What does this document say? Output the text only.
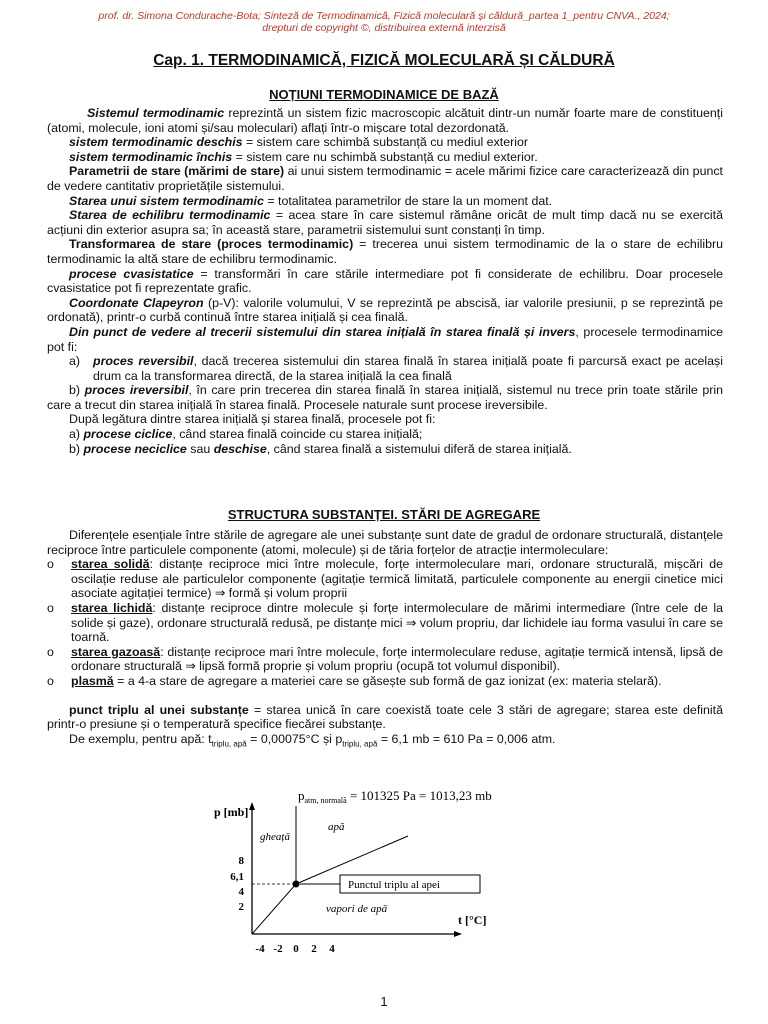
prof. dr. Simona Condurache-Bota; Sinteză de Termodinamică, Fizică moleculară și căldură_partea 1_pentru CNVA., 2024;
drepturi de copyright ©, distribuirea externă interzisă
Cap. 1. TERMODINAMICĂ, FIZICĂ MOLECULARĂ ȘI CĂLDURĂ
NOȚIUNI TERMODINAMICE DE BAZĂ

Sistemul termodinamic reprezintă un sistem fizic macroscopic alcătuit dintr-un număr foarte mare de constituenți (atomi, molecule, ioni atomi și/sau moleculari) aflați într-o mișcare total dezordonată.

sistem termodinamic deschis = sistem care schimbă substanță cu mediul exterior

sistem termodinamic închis = sistem care nu schimbă substanță cu mediul exterior.

Parametrii de stare (mărimi de stare) ai unui sistem termodinamic = acele mărimi fizice care caracterizează din punct de vedere cantitativ proprietățile sistemului.

Starea unui sistem termodinamic = totalitatea parametrilor de stare la un moment dat.

Starea de echilibru termodinamic = acea stare în care sistemul rămâne oricât de mult timp dacă nu se exercită acțiuni din exterior asupra sa; în această stare, parametrii sistemului sunt constanți în timp.

Transformarea de stare (proces termodinamic) = trecerea unui sistem termodinamic de la o stare de echilibru termodinamic la altă stare de echilibru termodinamic.

procese cvasistatice = transformări în care stările intermediare pot fi considerate de echilibru. Doar procesele cvasistatice pot fi reprezentate grafic.

Coordonate Clapeyron (p-V): valorile volumului, V se reprezintă pe abscisă, iar valorile presiunii, p se reprezintă pe ordonată), printr-o curbă continuă între starea inițială și cea finală.

Din punct de vedere al trecerii sistemului din starea inițială în starea finală și invers, procesele termodinamice pot fi:

a)	proces reversibil, dacă trecerea sistemului din starea finală în starea inițială poate fi parcursă exact pe același drum ca la transformarea directă, de la starea inițială la cea finală

b) proces ireversibil, în care prin trecerea din starea finală în starea inițială, sistemul nu trece prin toate stările prin care a trecut din starea inițială în starea finală. Procesele naturale sunt procese ireversibile.

După legătura dintre starea inițială și starea finală, procesele pot fi:

a) procese ciclice, când starea finală coincide cu starea inițială;

b) procese neciclice sau deschise, când starea finală a sistemului diferă de starea inițială.

STRUCTURA SUBSTANȚEI. STĂRI DE AGREGARE

Diferențele esențiale între stările de agregare ale unei substanțe sunt date de gradul de ordonare structurală, distanțele reciproce între particulele componente (atomi, molecule) și de tăria forțelor de atracție intermoleculare:

o	starea solidă: distanțe reciproce mici între molecule, forțe intermoleculare mari, ordonare structurală, mișcări de oscilație reduse ale particulelor componente (agitație termică limitată, particulele componente au energii cinetice mici asociate agitației termice) ⇒ formă și volum proprii
o	starea lichidă: distanțe reciproce dintre molecule și forțe intermoleculare de mărimi intermediare (între cele de la solide și gaze), ordonare structurală redusă, pe distanțe mici ⇒ volum propriu, dar lichidele iau forma vasului în care se toarnă.
o	starea gazoasă: distanțe reciproce mari între molecule, forțe intermoleculare reduse, agitație termică intensă, lipsă de ordonare structurală ⇒ lipsă formă proprie și volum propriu (ocupă tot volumul disponibil).
o	plasmă = a 4-a stare de agregare a materiei care se găsește sub formă de gaz ionizat (ex: materia stelară).

punct triplu al unei substanțe = starea unică în care coexistă toate cele 3 stări de agregare; starea este definită printr-o presiune și o temperatură specifice fiecărei substanțe.

De exemplu, pentru apă: $t_{triplu, apă} = 0,00075^\circ C$ și $p_{triplu, apă} = 6,1$ mb = 610 Pa = 0,006 atm.

$p_{atm, normală} = 101325$ Pa = 1013,23 mb
p [mb]
t [°C]
Punctul triplu al apei
gheață
apă
vapori de apă
8
6,1
4
2
-4 -2 0 2 4
1
